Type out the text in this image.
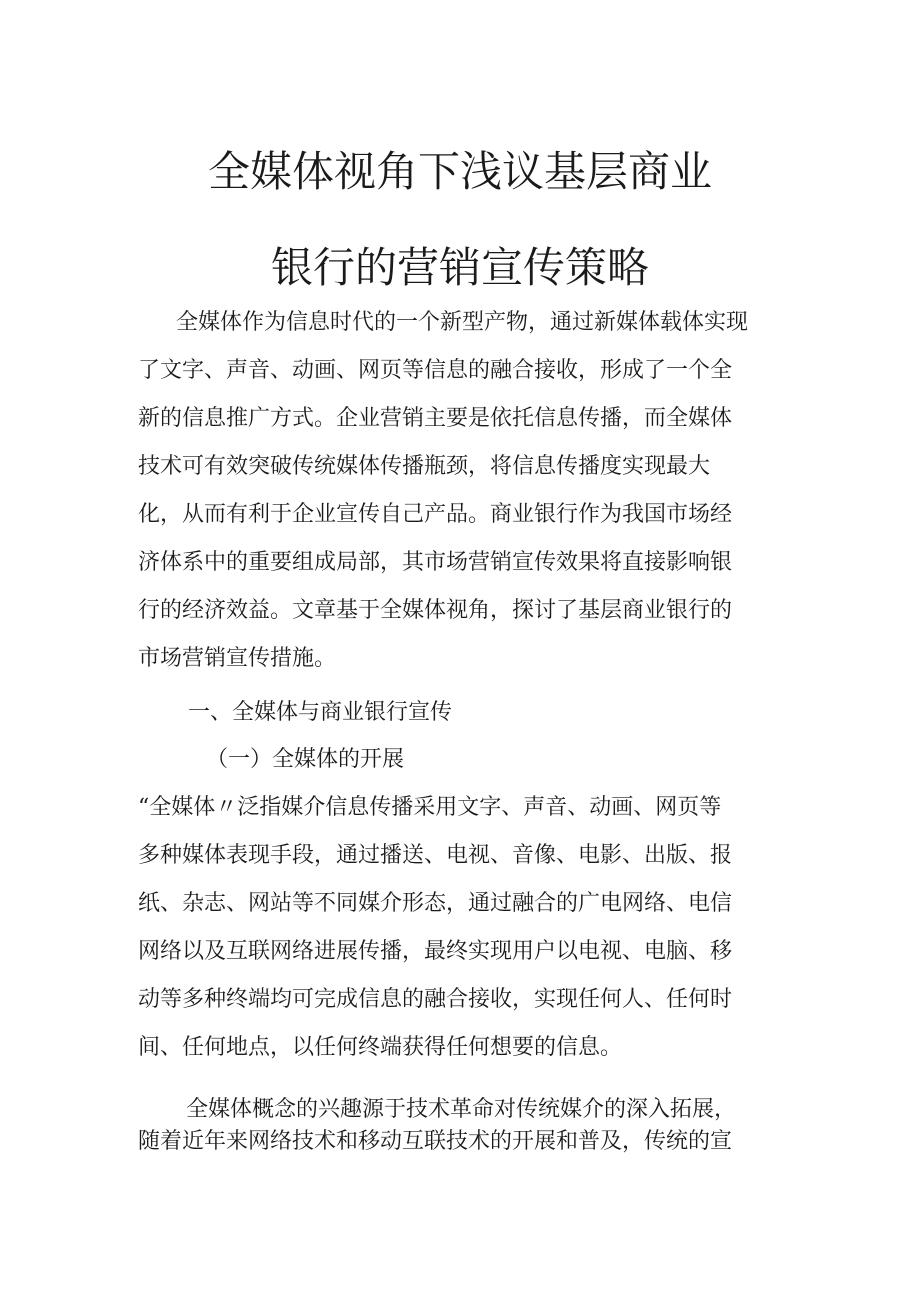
全媒体视角下浅议基层商业
银行的营销宣传策略
全媒体作为信息时代的一个新型产物，通过新媒体载体实现
了文字、声音、动画、网页等信息的融合接收，形成了一个全
新的信息推广方式。企业营销主要是依托信息传播，而全媒体
技术可有效突破传统媒体传播瓶颈，将信息传播度实现最大
化，从而有利于企业宣传自己产品。商业银行作为我国市场经
济体系中的重要组成局部，其市场营销宣传效果将直接影响银
行的经济效益。文章基于全媒体视角，探讨了基层商业银行的
市场营销宣传措施。
一、全媒体与商业银行宣传
（一）全媒体的开展
“全媒体〃泛指媒介信息传播采用文字、声音、动画、网页等
多种媒体表现手段，通过播送、电视、音像、电影、出版、报
纸、杂志、网站等不同媒介形态，通过融合的广电网络、电信
网络以及互联网络进展传播，最终实现用户以电视、电脑、移
动等多种终端均可完成信息的融合接收，实现任何人、任何时
间、任何地点，以任何终端获得任何想要的信息。
全媒体概念的兴趣源于技术革命对传统媒介的深入拓展，
随着近年来网络技术和移动互联技术的开展和普及，传统的宣
